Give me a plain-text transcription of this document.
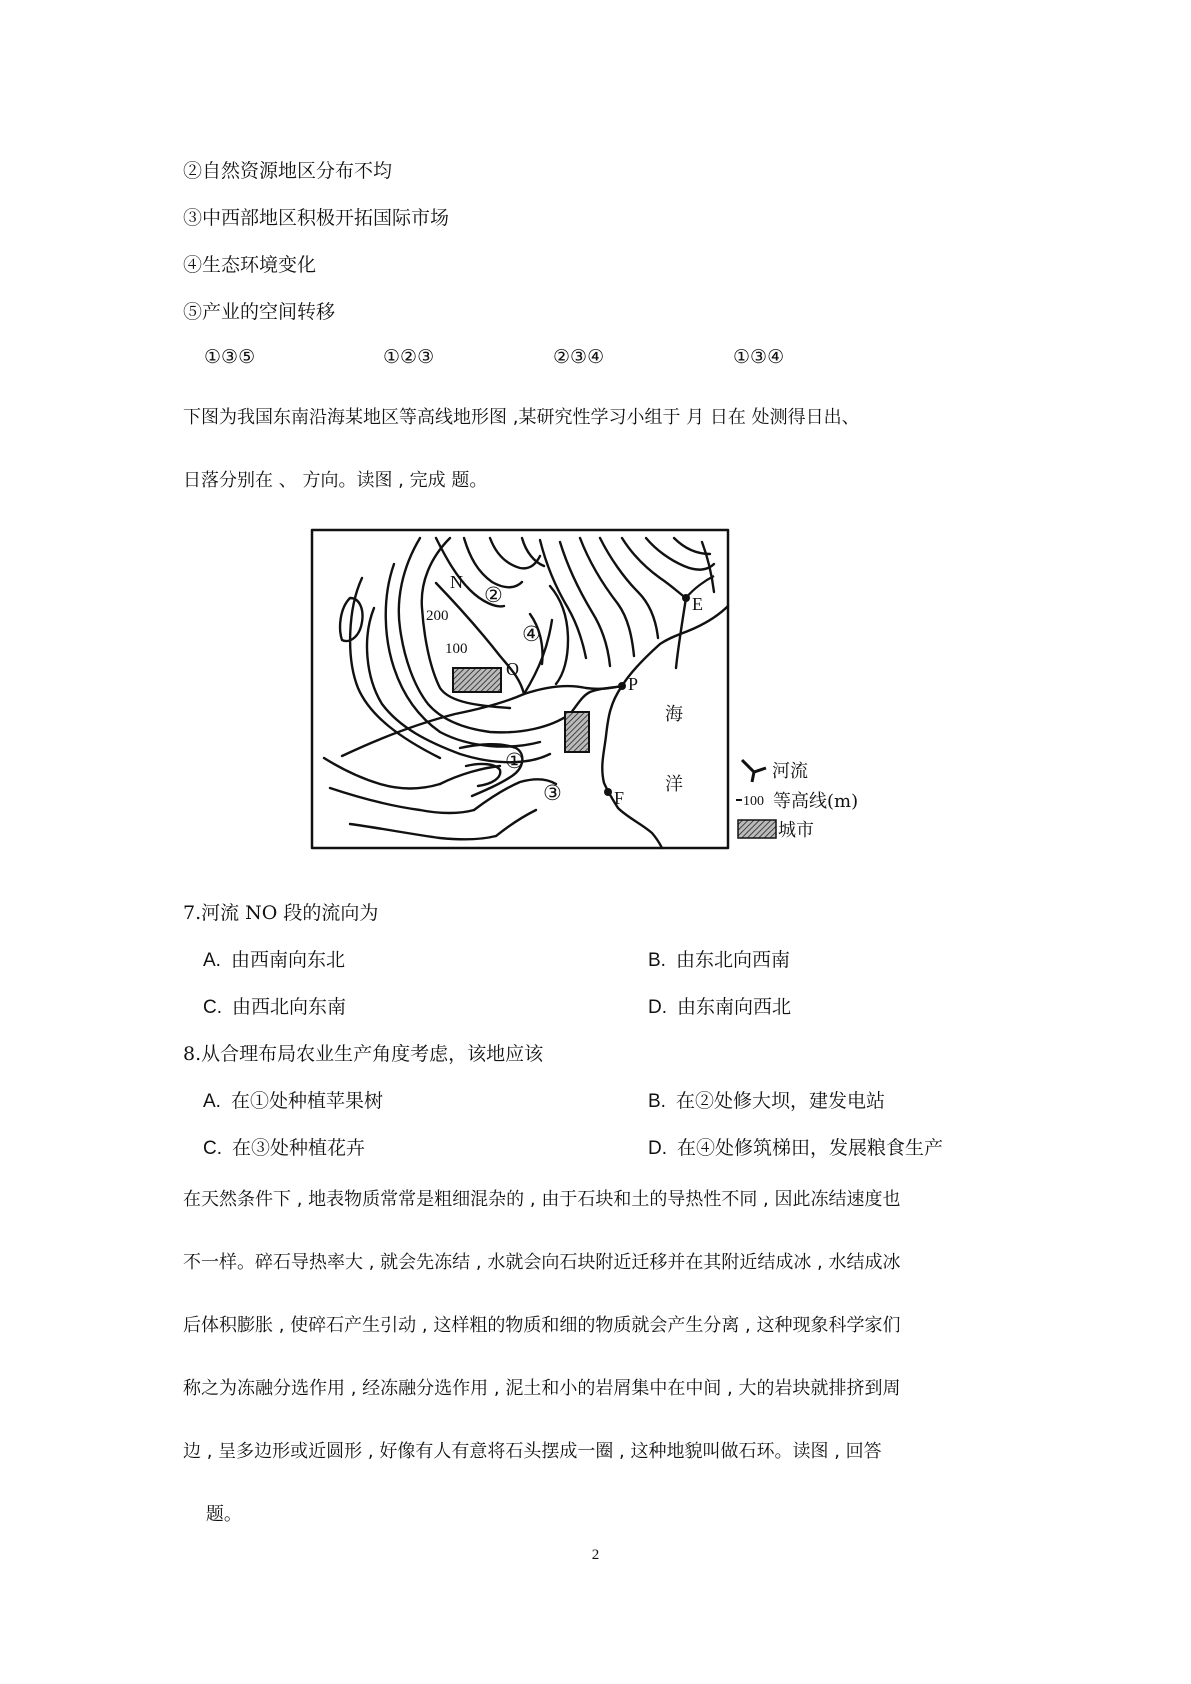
②自然资源地区分布不均
③中西部地区积极开拓国际市场
④生态环境变化
⑤产业的空间转移
①③⑤	①②③	②③④	①③④
下图为我国东南沿海某地区等高线地形图 ,某研究性学习小组于 月 日在 处测得日出、
日落分别在 、 方向。读图 , 完成 题。
N
200
100
O
P
E
F
②
④
①
③
海
洋
河流
100 等高线(m)
城市
7.河流 NO 段的流向为
A. 由西南向东北	B. 由东北向西南
C. 由西北向东南	D. 由东南向西北
8.从合理布局农业生产角度考虑，该地应该
A. 在①处种植苹果树	B. 在②处修大坝，建发电站
C. 在③处种植花卉	D. 在④处修筑梯田，发展粮食生产
在天然条件下 , 地表物质常常是粗细混杂的 , 由于石块和土的导热性不同 , 因此冻结速度也
不一样。碎石导热率大 , 就会先冻结 , 水就会向石块附近迁移并在其附近结成冰 , 水结成冰
后体积膨胀 , 使碎石产生引动 , 这样粗的物质和细的物质就会产生分离 , 这种现象科学家们
称之为冻融分选作用 , 经冻融分选作用 , 泥土和小的岩屑集中在中间 , 大的岩块就排挤到周
边 , 呈多边形或近圆形 , 好像有人有意将石头摆成一圈 , 这种地貌叫做石环。读图 , 回答
题。
2
